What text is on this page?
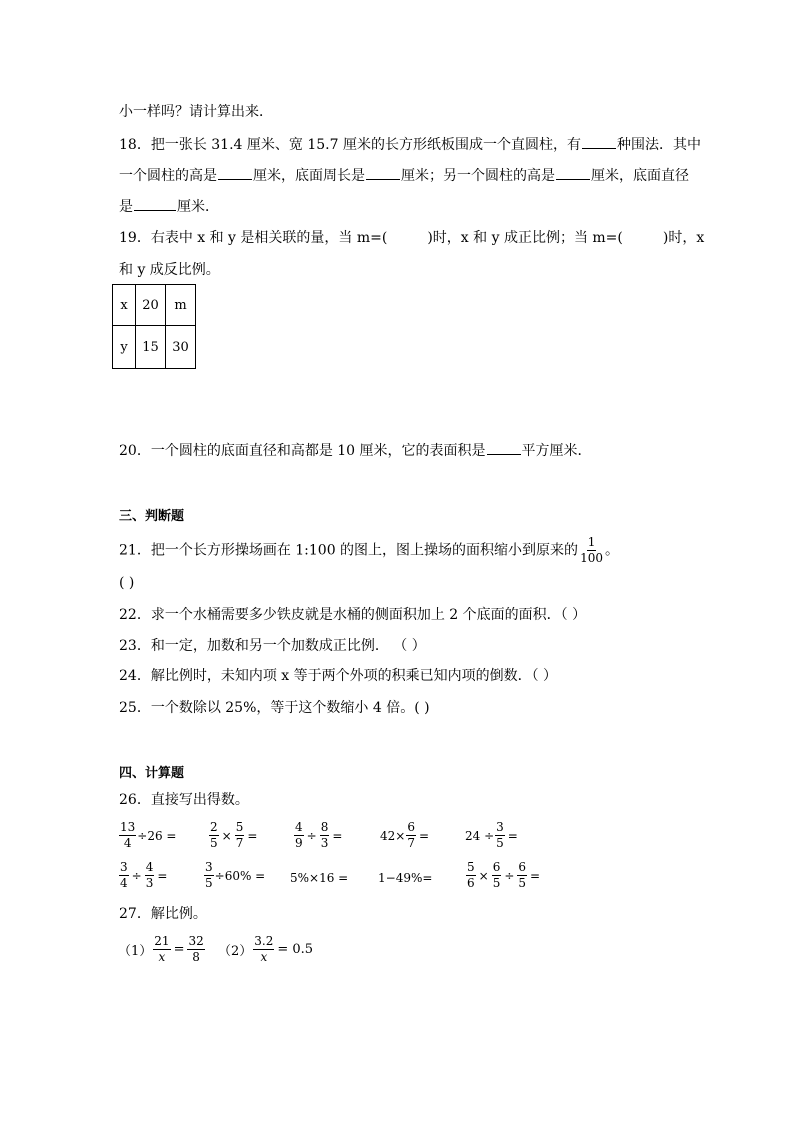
小一样吗？请计算出来．
18．把一张长 31.4 厘米、宽 15.7 厘米的长方形纸板围成一个直圆柱，有	种围法．其中
一个圆柱的高是	厘米，底面周长是	厘米；另一个圆柱的高是	厘米，底面直径
是	厘米．
19．右表中 x 和 y 是相关联的量，当 m=(	)时，x 和 y 成正比例；当 m=(	)时，x
和 y 成反比例。
x	20	m
y	15	30
20．一个圆柱的底面直径和高都是 10 厘米，它的表面积是	平方厘米．
三、判断题
21．把一个长方形操场画在 1:100 的图上，图上操场的面积缩小到原来的 $\frac{1}{100}$ 。
( )
22．求一个水桶需要多少铁皮就是水桶的侧面积加上 2 个底面的面积．（ ）
23．和一定，加数和另一个加数成正比例． （ ）
24．解比例时，未知内项 x 等于两个外项的积乘已知内项的倒数．（ ）
25．一个数除以 25%，等于这个数缩小 4 倍。( )
四、计算题
26．直接写出得数。
$\frac{13}{4} \div 26$ =	$\frac{2}{5} \times \frac{5}{7}$ =	$\frac{4}{9} \div \frac{8}{3}$ =	$42\times \frac{6}{7}$ =	$24 \div \frac{3}{5}$ =
$\frac{3}{4} \div \frac{4}{3}$ =	$\frac{3}{5} \div 60\% = 5\%\times 16 = 1-49\%=$	$\frac{5}{6} \times \frac{6}{5} \div \frac{6}{5}$ =
27．解比例。
$(1) \frac{21}{x} = \frac{32}{8} (2) \frac{3.2}{x} = 0.5$
